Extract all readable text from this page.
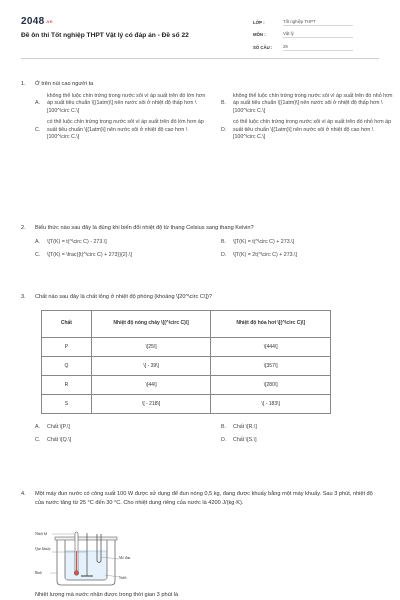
2048.vn
Đề ôn thi Tốt nghiệp THPT Vật lý có đáp án - Đề số 22
LỚP :	Tốt nghiệp THPT
MÔN :	Vật lý
SỐ CÂU :	28
1.	Ở trên núi cao người ta
A.
không thể luộc chín trứng trong nước sôi vì áp suất trên đó lớn hơn áp suất tiêu chuẩn \[(1atm)\] nên nước sôi ở nhiệt độ thấp hơn \[100^\circ C.\]
B.
không thể luộc chín trứng trong nước sôi vì áp suất trên đó nhỏ hơn áp suất tiêu chuẩn \[(1atm)\] nên nước sôi ở nhiệt độ thấp hơn \[100^\circ C.\]
C.
có thể luộc chín trứng trong nước sôi vì áp suất trên đó lớn hơn áp suất tiêu chuẩn \[(1atm)\] nên nước sôi ở nhiệt độ cao hơn \[100^\circ C.\]
D.
có thể luộc chín trứng trong nước sôi vì áp suất trên đó nhỏ hơn áp suất tiêu chuẩn \[(1atm)\] nên nước sôi ở nhiệt độ cao hơn \[100^\circ C.\]
2.	Biểu thức nào sau đây là đúng khi biến đổi nhiệt độ từ thang Celsius sang thang Kelvin?
A.	\[T(K) = t(^\circ C) - 273.\]	B.	\[T(K) = t(^\circ C) + 273.\]
C.	\[T(K) = \frac{{t(^\circ C) + 273}}{2}.\]	D.	\[T(K) = 2t(^\circ C) + 273.\]
3.	Chất nào sau đây là chất lỏng ở nhiệt độ phòng (khoảng \[20^\circ C\])?
Chất	Nhiệt độ nóng chảy \[(^\circ C)\]	Nhiệt độ hóa hơi \[(^\circ C)\]
P	\[25\]	\[444\]
Q	\[ - 39\]	\[357\]
R	\[44\]	\[280\]
S	\[ - 218\]	\[ - 183\]
A.	Chất \[P.\]	B.	Chất \[R.\]
C.	Chất \[Q.\]	D.	Chất \[S.\]
4.	Một máy đun nước có công suất 100 W được sử dụng để đun nóng 0,5 kg, đang được khuấy bằng một máy khuấy. Sau 3 phút, nhiệt độ của nước tăng từ 25 °C đến 30 °C. Cho nhiệt dung riêng của nước là 4200 J/(kg·K).
Nhiệt kế
Que khuấy
Bình
Mỏ đun
Nước
Nhiệt lượng mà nước nhận được trong thời gian 3 phút là
